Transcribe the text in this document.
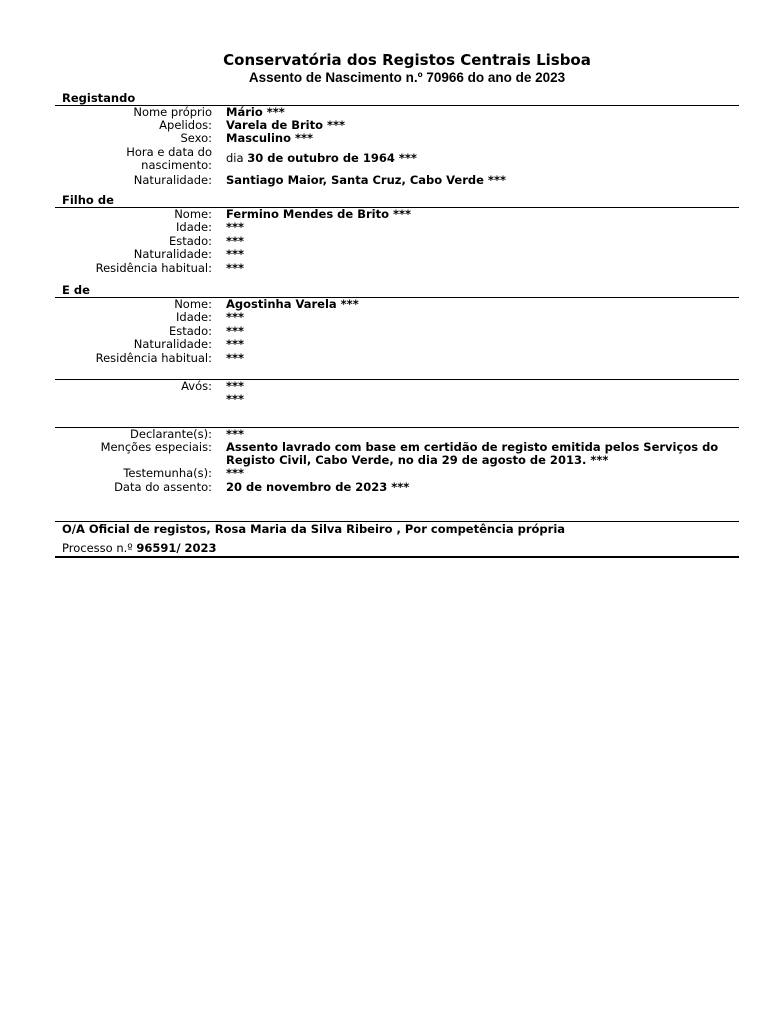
Conservatória dos Registos Centrais Lisboa
Assento de Nascimento n.º 70966 do ano de 2023
Registando
Nome próprio Mário ***
Apelidos: Varela de Brito ***
Sexo: Masculino ***
Hora e data do
nascimento:
dia 30 de outubro de 1964 ***
Naturalidade: Santiago Maior, Santa Cruz, Cabo Verde ***
Filho de
Nome: Fermino Mendes de Brito ***
Idade: ***
Estado: ***
Naturalidade: ***
Residência habitual: ***
E de
Nome: Agostinha Varela ***
Idade: ***
Estado: ***
Naturalidade: ***
Residência habitual: ***
Avós: ***
***
Declarante(s): ***
Menções especiais: Assento lavrado com base em certidão de registo emitida pelos Serviços do Registo Civil, Cabo Verde, no dia 29 de agosto de 2013. ***
Testemunha(s): ***
Data do assento: 20 de novembro de 2023 ***
O/A Oficial de registos, Rosa Maria da Silva Ribeiro , Por competência própria
Processo n.º 96591/ 2023
